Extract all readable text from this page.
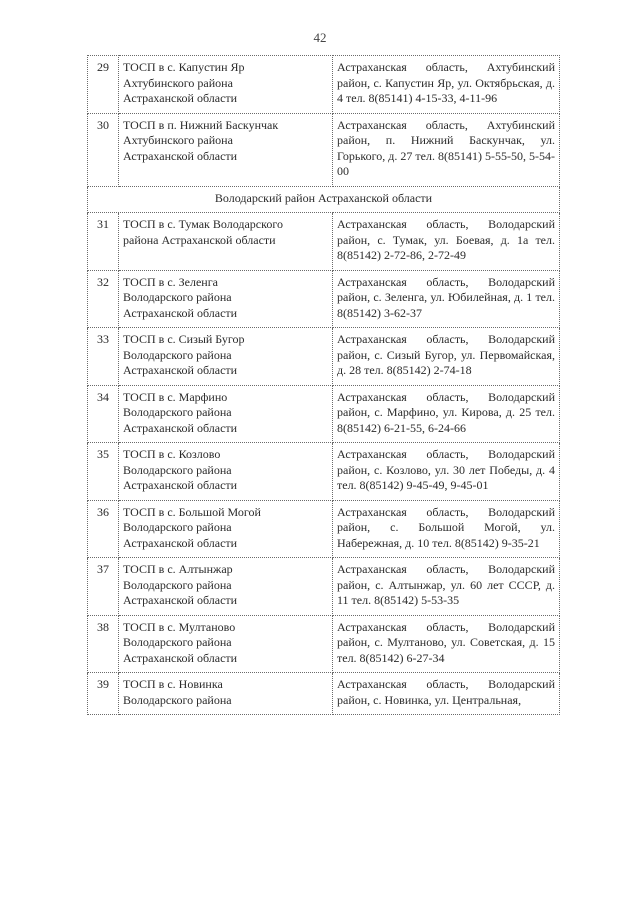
42
29	ТОСП в с. Капустин Яр
Ахтубинского района
Астраханской области	Астраханская область, Ахтубинский район, с. Капустин Яр, ул. Октябрьская, д. 4 тел. 8(85141) 4-15-33, 4-11-96
30	ТОСП в п. Нижний Баскунчак
Ахтубинского района
Астраханской области	Астраханская область, Ахтубинский район, п. Нижний Баскунчак, ул. Горького, д. 27 тел. 8(85141) 5-55-50, 5-54-00
Володарский район Астраханской области		
31	ТОСП в с. Тумак Володарского
района Астраханской области	Астраханская область, Володарский район, с. Тумак, ул. Боевая, д. 1а тел. 8(85142) 2-72-86, 2-72-49
32	ТОСП в с. Зеленга
Володарского района
Астраханской области	Астраханская область, Володарский район, с. Зеленга, ул. Юбилейная, д. 1 тел. 8(85142) 3-62-37
33	ТОСП в с. Сизый Бугор
Володарского района
Астраханской области	Астраханская область, Володарский район, с. Сизый Бугор, ул. Первомайская, д. 28 тел. 8(85142) 2-74-18
34	ТОСП в с. Марфино
Володарского района
Астраханской области	Астраханская область, Володарский район, с. Марфино, ул. Кирова, д. 25 тел. 8(85142) 6-21-55, 6-24-66
35	ТОСП в с. Козлово
Володарского района
Астраханской области	Астраханская область, Володарский район, с. Козлово, ул. 30 лет Победы, д. 4 тел. 8(85142) 9-45-49, 9-45-01
36	ТОСП в с. Большой Могой
Володарского района
Астраханской области	Астраханская область, Володарский район, с. Большой Могой, ул. Набережная, д. 10 тел. 8(85142) 9-35-21
37	ТОСП в с. Алтынжар
Володарского района
Астраханской области	Астраханская область, Володарский район, с. Алтынжар, ул. 60 лет СССР, д. 11 тел. 8(85142) 5-53-35
38	ТОСП в с. Мултаново
Володарского района
Астраханской области	Астраханская область, Володарский район, с. Мултаново, ул. Советская, д. 15 тел. 8(85142) 6-27-34
39	ТОСП в с. Новинка
Володарского района	Астраханская область, Володарский район, с. Новинка, ул. Центральная,
